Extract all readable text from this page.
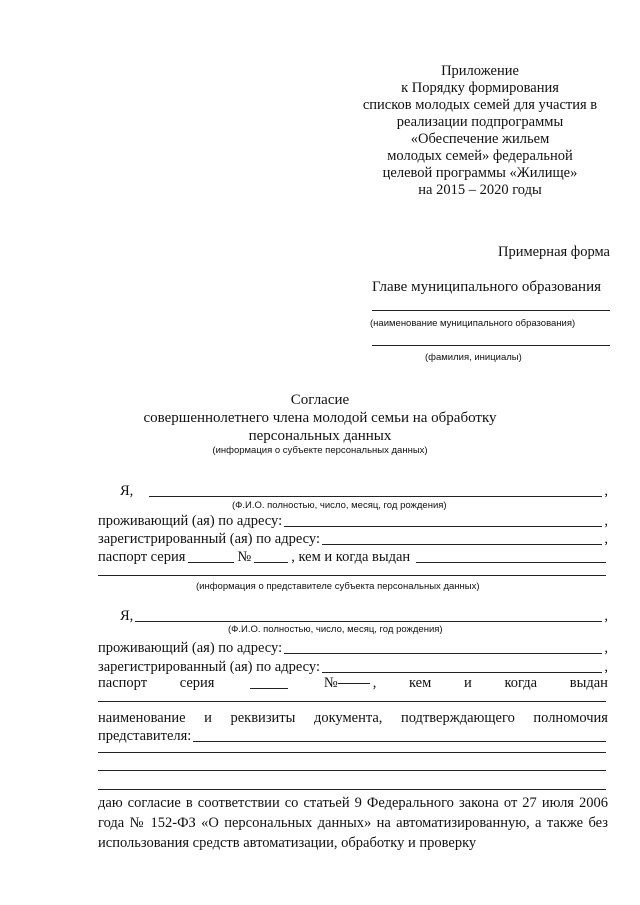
Приложение
к Порядку формирования
списков молодых семей для участия в
реализации подпрограммы
«Обеспечение жильем
молодых семей» федеральной
целевой программы «Жилище»
на 2015 – 2020 годы
Примерная форма
Главе муниципального образования
(наименование муниципального образования)
(фамилия, инициалы)
Согласие
совершеннолетнего члена молодой семьи на обработку
персональных данных
(информация о субъекте персональных данных)
Я,	,
(Ф.И.О. полностью, число, месяц, год рождения)
проживающий (ая) по адресу:	,
зарегистрированный (ая) по адресу:	,
паспорт серия	№	, кем и когда выдан
(информация о представителе субъекта персональных данных)
Я,	,
(Ф.И.О. полностью, число, месяц, год рождения)
проживающий (ая) по адресу:	,
зарегистрированный (ая) по адресу:	,
паспорт серия	№ , кем и когда выдан
наименование и реквизиты документа, подтверждающего полномочия
представителя:
даю согласие в соответствии со статьей 9 Федерального закона от 27 июля 2006 года № 152-ФЗ «О персональных данных» на автоматизированную, а также без использования средств автоматизации, обработку и проверку
